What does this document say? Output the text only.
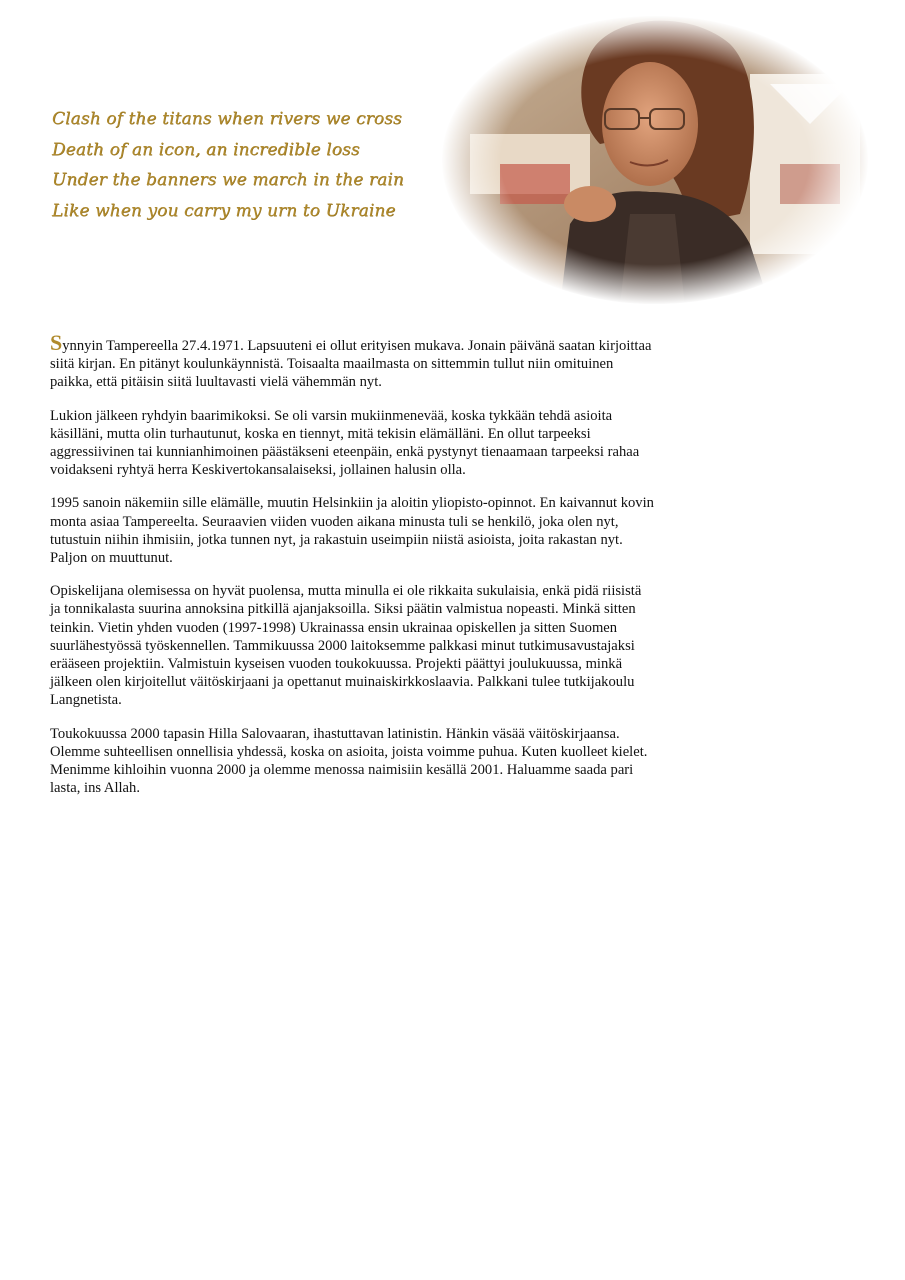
Clash of the titans when rivers we cross
Death of an icon, an incredible loss
Under the banners we march in the rain
Like when you carry my urn to Ukraine

Synnyin Tampereella 27.4.1971. Lapsuuteni ei ollut erityisen mukava. Jonain päivänä saatan kirjoittaa siitä kirjan. En pitänyt koulunkäynnistä. Toisaalta maailmasta on sittemmin tullut niin omituinen paikka, että pitäisin siitä luultavasti vielä vähemmän nyt.

Lukion jälkeen ryhdyin baarimikoksi. Se oli varsin mukiinmenevää, koska tykkään tehdä asioita käsilläni, mutta olin turhautunut, koska en tiennyt, mitä tekisin elämälläni. En ollut tarpeeksi aggressiivinen tai kunnianhimoinen päästäkseni eteenpäin, enkä pystynyt tienaamaan tarpeeksi rahaa voidakseni ryhtyä herra Keskivertokansalaiseksi, jollainen halusin olla.

1995 sanoin näkemiin sille elämälle, muutin Helsinkiin ja aloitin yliopisto-opinnot. En kaivannut kovin monta asiaa Tampereelta. Seuraavien viiden vuoden aikana minusta tuli se henkilö, joka olen nyt, tutustuin niihin ihmisiin, jotka tunnen nyt, ja rakastuin useimpiin niistä asioista, joita rakastan nyt. Paljon on muuttunut.

Opiskelijana olemisessa on hyvät puolensa, mutta minulla ei ole rikkaita sukulaisia, enkä pidä riisistä ja tonnikalasta suurina annoksina pitkillä ajanjaksoilla. Siksi päätin valmistua nopeasti. Minkä sitten teinkin. Vietin yhden vuoden (1997-1998) Ukrainassa ensin ukrainaa opiskellen ja sitten Suomen suurlähestyössä työskennellen. Tammikuussa 2000 laitoksemme palkkasi minut tutkimusavustajaksi erääseen projektiin. Valmistuin kyseisen vuoden toukokuussa. Projekti päättyi joulukuussa, minkä jälkeen olen kirjoitellut väitöskirjaani ja opettanut muinaiskirkkoslaavia. Palkkani tulee tutkijakoulu Langnetista.

Toukokuussa 2000 tapasin Hilla Salovaaran, ihastuttavan latinistin. Hänkin väsää väitöskirjaansa. Olemme suhteellisen onnellisia yhdessä, koska on asioita, joista voimme puhua. Kuten kuolleet kielet. Menimme kihloihin vuonna 2000 ja olemme menossa naimisiin kesällä 2001. Haluamme saada pari lasta, ins Allah.
